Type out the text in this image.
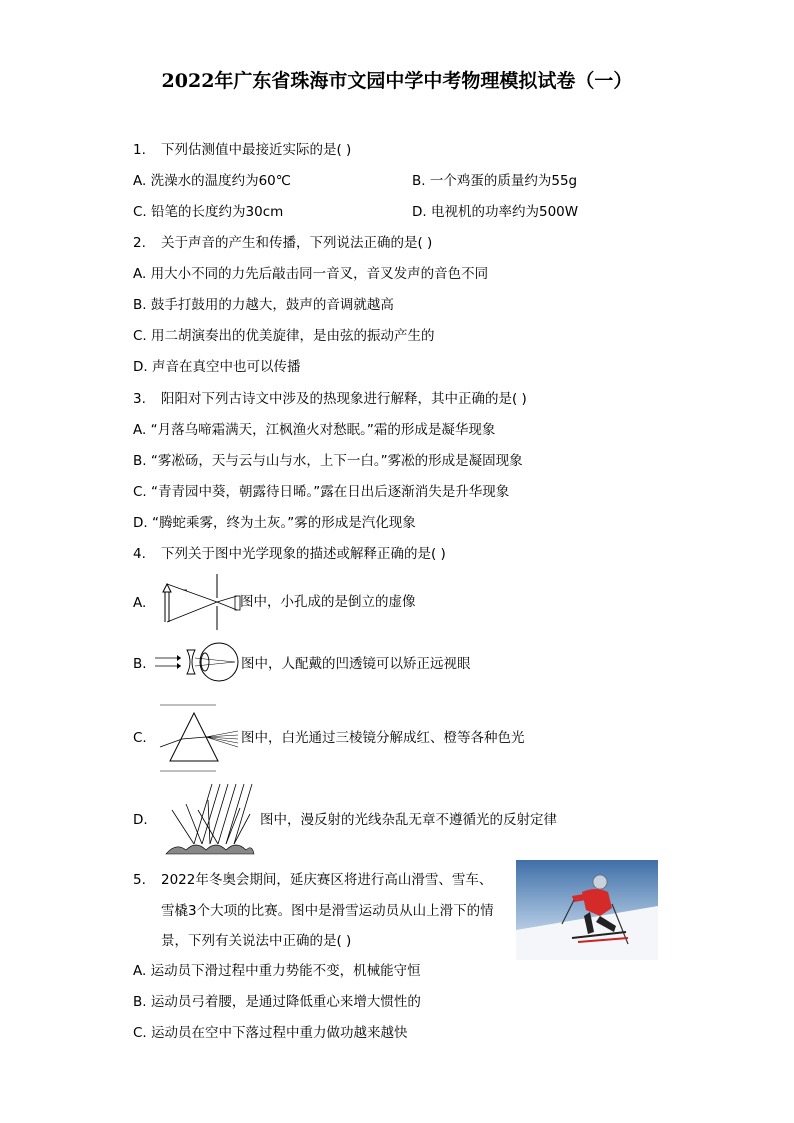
2022年广东省珠海市文园中学中考物理模拟试卷（一）
1. 下列估测值中最接近实际的是( )
A. 洗澡水的温度约为60℃	B. 一个鸡蛋的质量约为55g
C. 铅笔的长度约为30cm	D. 电视机的功率约为500W
2. 关于声音的产生和传播，下列说法正确的是( )
A. 用大小不同的力先后敲击同一音叉，音叉发声的音色不同
B. 鼓手打鼓用的力越大，鼓声的音调就越高
C. 用二胡演奏出的优美旋律，是由弦的振动产生的
D. 声音在真空中也可以传播
3. 阳阳对下列古诗文中涉及的热现象进行解释，其中正确的是( )
A. “月落乌啼霜满天，江枫渔火对愁眠。”霜的形成是凝华现象
B. “雾凇砀，天与云与山与水，上下一白。”雾凇的形成是凝固现象
C. “青青园中葵，朝露待日晞。”露在日出后逐渐消失是升华现象
D. “腾蛇乘雾，终为土灰。”雾的形成是汽化现象
4. 下列关于图中光学现象的描述或解释正确的是( )
A.	图中，小孔成的是倒立的虚像
B.	图中，人配戴的凹透镜可以矫正远视眼
C.	图中，白光通过三棱镜分解成红、橙等各种色光
D.	图中，漫反射的光线杂乱无章不遵循光的反射定律
5. 2022年冬奥会期间，延庆赛区将进行高山滑雪、雪车、
雪橇3个大项的比赛。图中是滑雪运动员从山上滑下的情
景，下列有关说法中正确的是( )
A. 运动员下滑过程中重力势能不变，机械能守恒
B. 运动员弓着腰，是通过降低重心来增大惯性的
C. 运动员在空中下落过程中重力做功越来越快
